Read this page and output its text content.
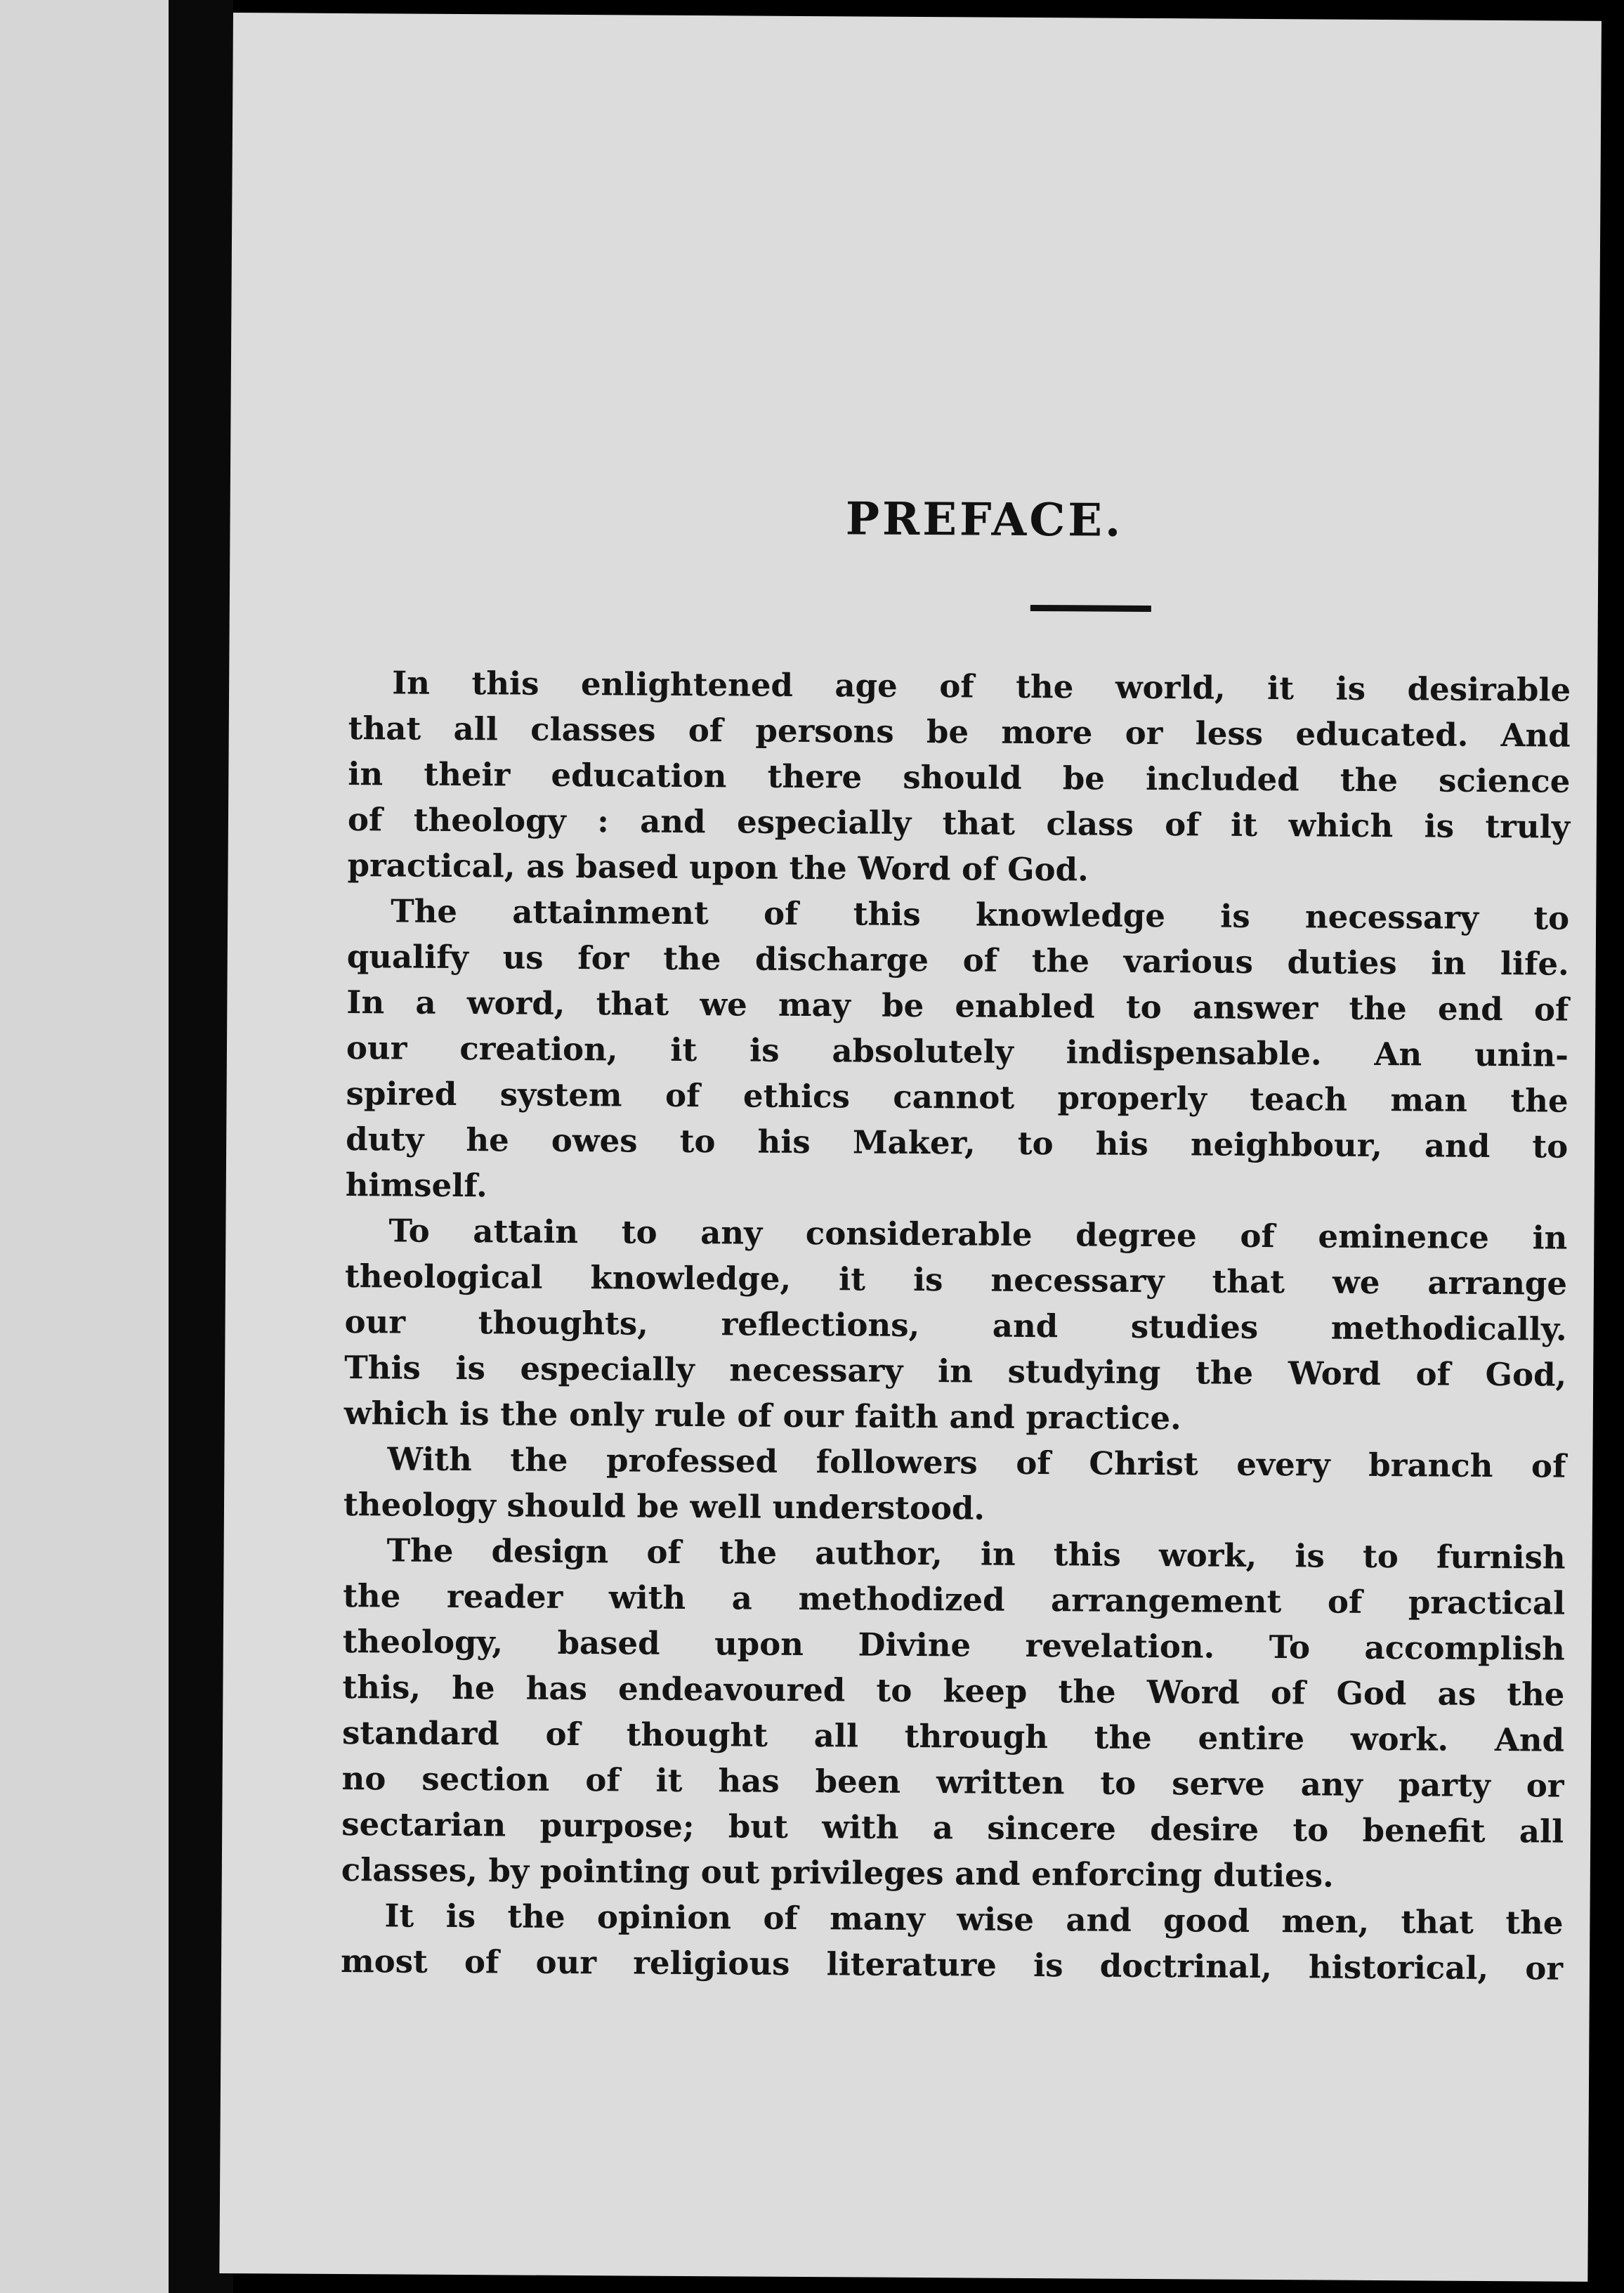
PREFACE.

In this enlightened age of the world, it is desirable
that all classes of persons be more or less educated. And
in their education there should be included the science
of theology : and especially that class of it which is truly
practical, as based upon the Word of God.

The attainment of this knowledge is necessary to
qualify us for the discharge of the various duties in life.
In a word, that we may be enabled to answer the end of
our creation, it is absolutely indispensable. An unin-
spired system of ethics cannot properly teach man the
duty he owes to his Maker, to his neighbour, and to
himself.

To attain to any considerable degree of eminence in
theological knowledge, it is necessary that we arrange
our thoughts, reflections, and studies methodically.
This is especially necessary in studying the Word of God,
which is the only rule of our faith and practice.

With the professed followers of Christ every branch of
theology should be well understood.

The design of the author, in this work, is to furnish
the reader with a methodized arrangement of practical
theology, based upon Divine revelation. To accomplish
this, he has endeavoured to keep the Word of God as the
standard of thought all through the entire work. And
no section of it has been written to serve any party or
sectarian purpose; but with a sincere desire to benefit all
classes, by pointing out privileges and enforcing duties.

It is the opinion of many wise and good men, that the
most of our religious literature is doctrinal, historical, or
